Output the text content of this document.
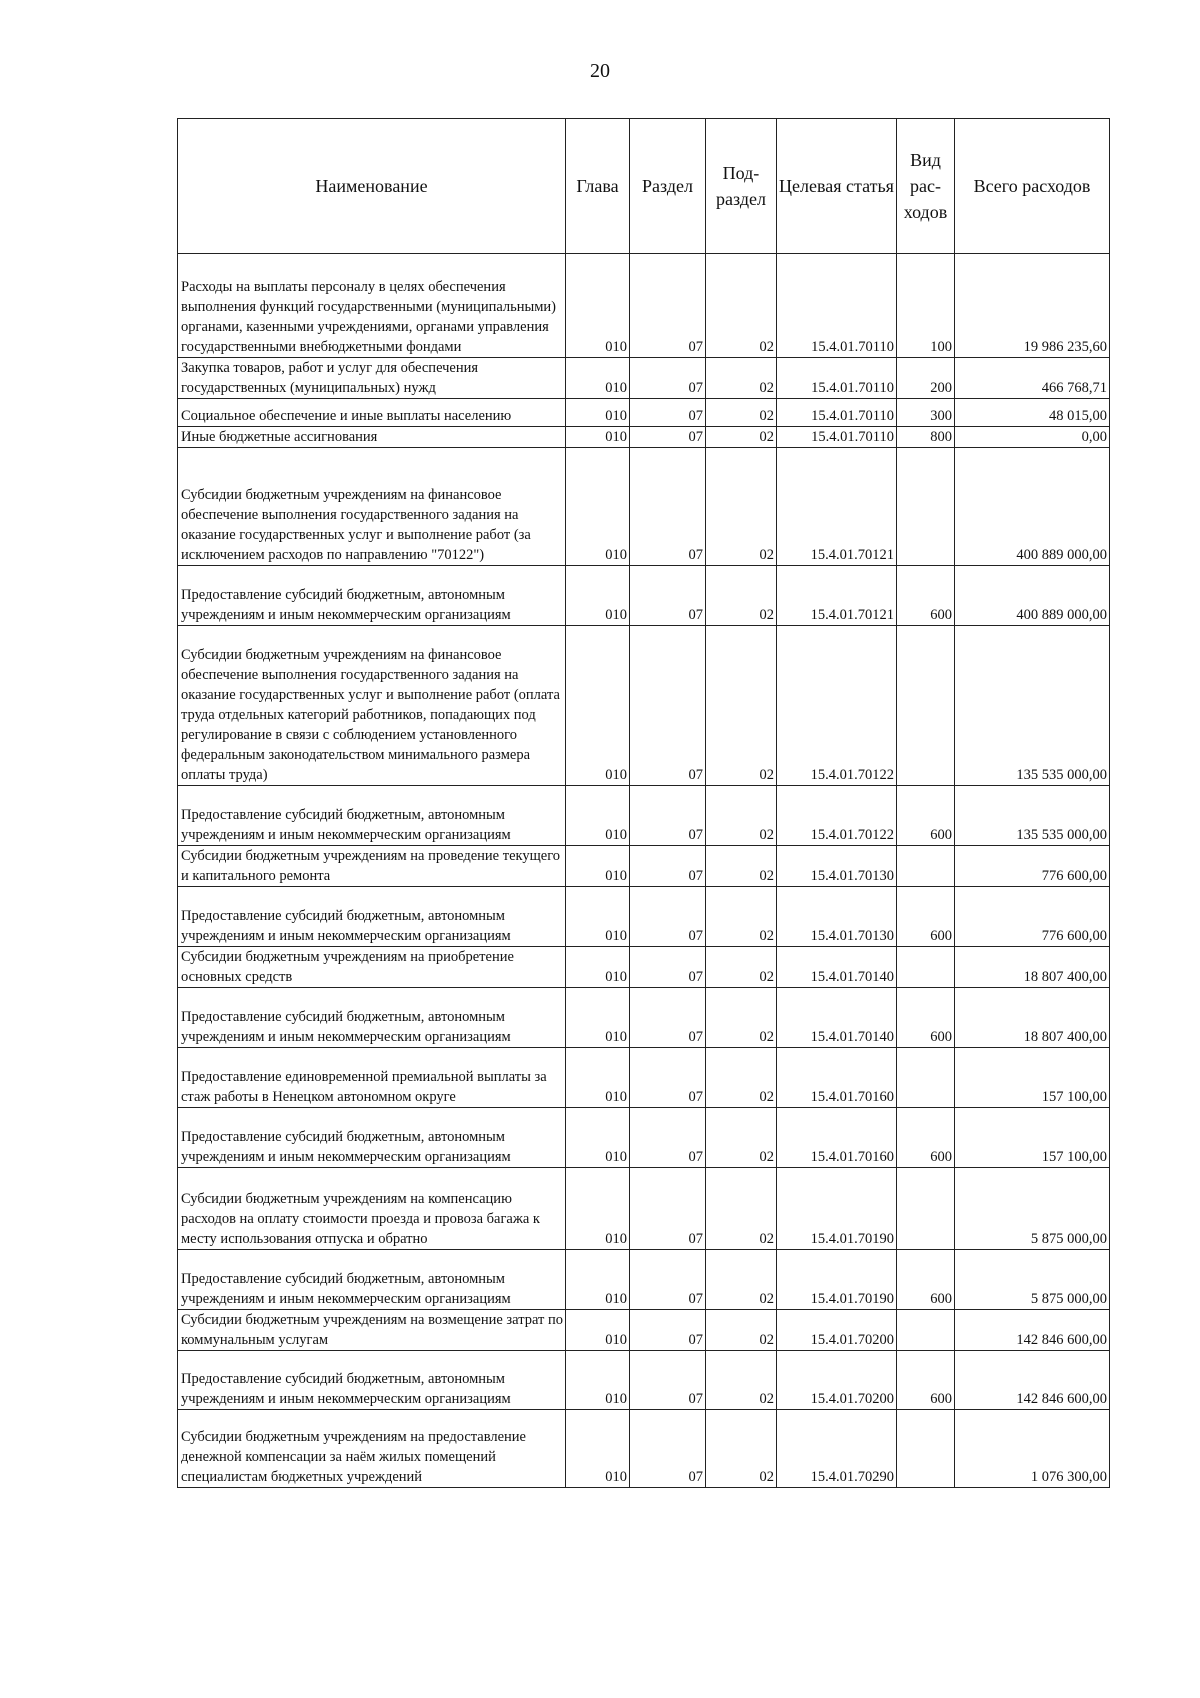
20
Наименование	Глава	Раздел	Под-раздел	Целевая статья	Вид рас-ходов	Всего расходов
Расходы на выплаты персоналу в целях обеспечения выполнения функций государственными (муниципальными) органами, казенными учреждениями, органами управления государственными внебюджетными фондами	010	07	02	15.4.01.70110	100	19 986 235,60
Закупка товаров, работ и услуг для обеспечения государственных (муниципальных) нужд	010	07	02	15.4.01.70110	200	466 768,71
Социальное обеспечение и иные выплаты населению	010	07	02	15.4.01.70110	300	48 015,00
Иные бюджетные ассигнования	010	07	02	15.4.01.70110	800	0,00
Субсидии бюджетным учреждениям на финансовое обеспечение выполнения государственного задания на оказание государственных услуг и выполнение работ (за исключением расходов по направлению "70122")	010	07	02	15.4.01.70121		400 889 000,00
Предоставление субсидий бюджетным, автономным учреждениям и иным некоммерческим организациям	010	07	02	15.4.01.70121	600	400 889 000,00
Субсидии бюджетным учреждениям на финансовое обеспечение выполнения государственного задания на оказание государственных услуг и выполнение работ (оплата труда отдельных категорий работников, попадающих под регулирование в связи с соблюдением установленного федеральным законодательством минимального размера оплаты труда)	010	07	02	15.4.01.70122		135 535 000,00
Предоставление субсидий бюджетным, автономным учреждениям и иным некоммерческим организациям	010	07	02	15.4.01.70122	600	135 535 000,00
Субсидии бюджетным учреждениям на проведение текущего и капитального ремонта	010	07	02	15.4.01.70130		776 600,00
Предоставление субсидий бюджетным, автономным учреждениям и иным некоммерческим организациям	010	07	02	15.4.01.70130	600	776 600,00
Субсидии бюджетным учреждениям на приобретение основных средств	010	07	02	15.4.01.70140		18 807 400,00
Предоставление субсидий бюджетным, автономным учреждениям и иным некоммерческим организациям	010	07	02	15.4.01.70140	600	18 807 400,00
Предоставление единовременной премиальной выплаты за стаж работы в Ненецком автономном округе	010	07	02	15.4.01.70160		157 100,00
Предоставление субсидий бюджетным, автономным учреждениям и иным некоммерческим организациям	010	07	02	15.4.01.70160	600	157 100,00
Субсидии бюджетным учреждениям на компенсацию расходов на оплату стоимости проезда и провоза багажа к месту использования отпуска и обратно	010	07	02	15.4.01.70190		5 875 000,00
Предоставление субсидий бюджетным, автономным учреждениям и иным некоммерческим организациям	010	07	02	15.4.01.70190	600	5 875 000,00
Субсидии бюджетным учреждениям на возмещение затрат по коммунальным услугам	010	07	02	15.4.01.70200		142 846 600,00
Предоставление субсидий бюджетным, автономным учреждениям и иным некоммерческим организациям	010	07	02	15.4.01.70200	600	142 846 600,00
Субсидии бюджетным учреждениям на предоставление денежной компенсации за наём жилых помещений специалистам бюджетных учреждений	010	07	02	15.4.01.70290		1 076 300,00
